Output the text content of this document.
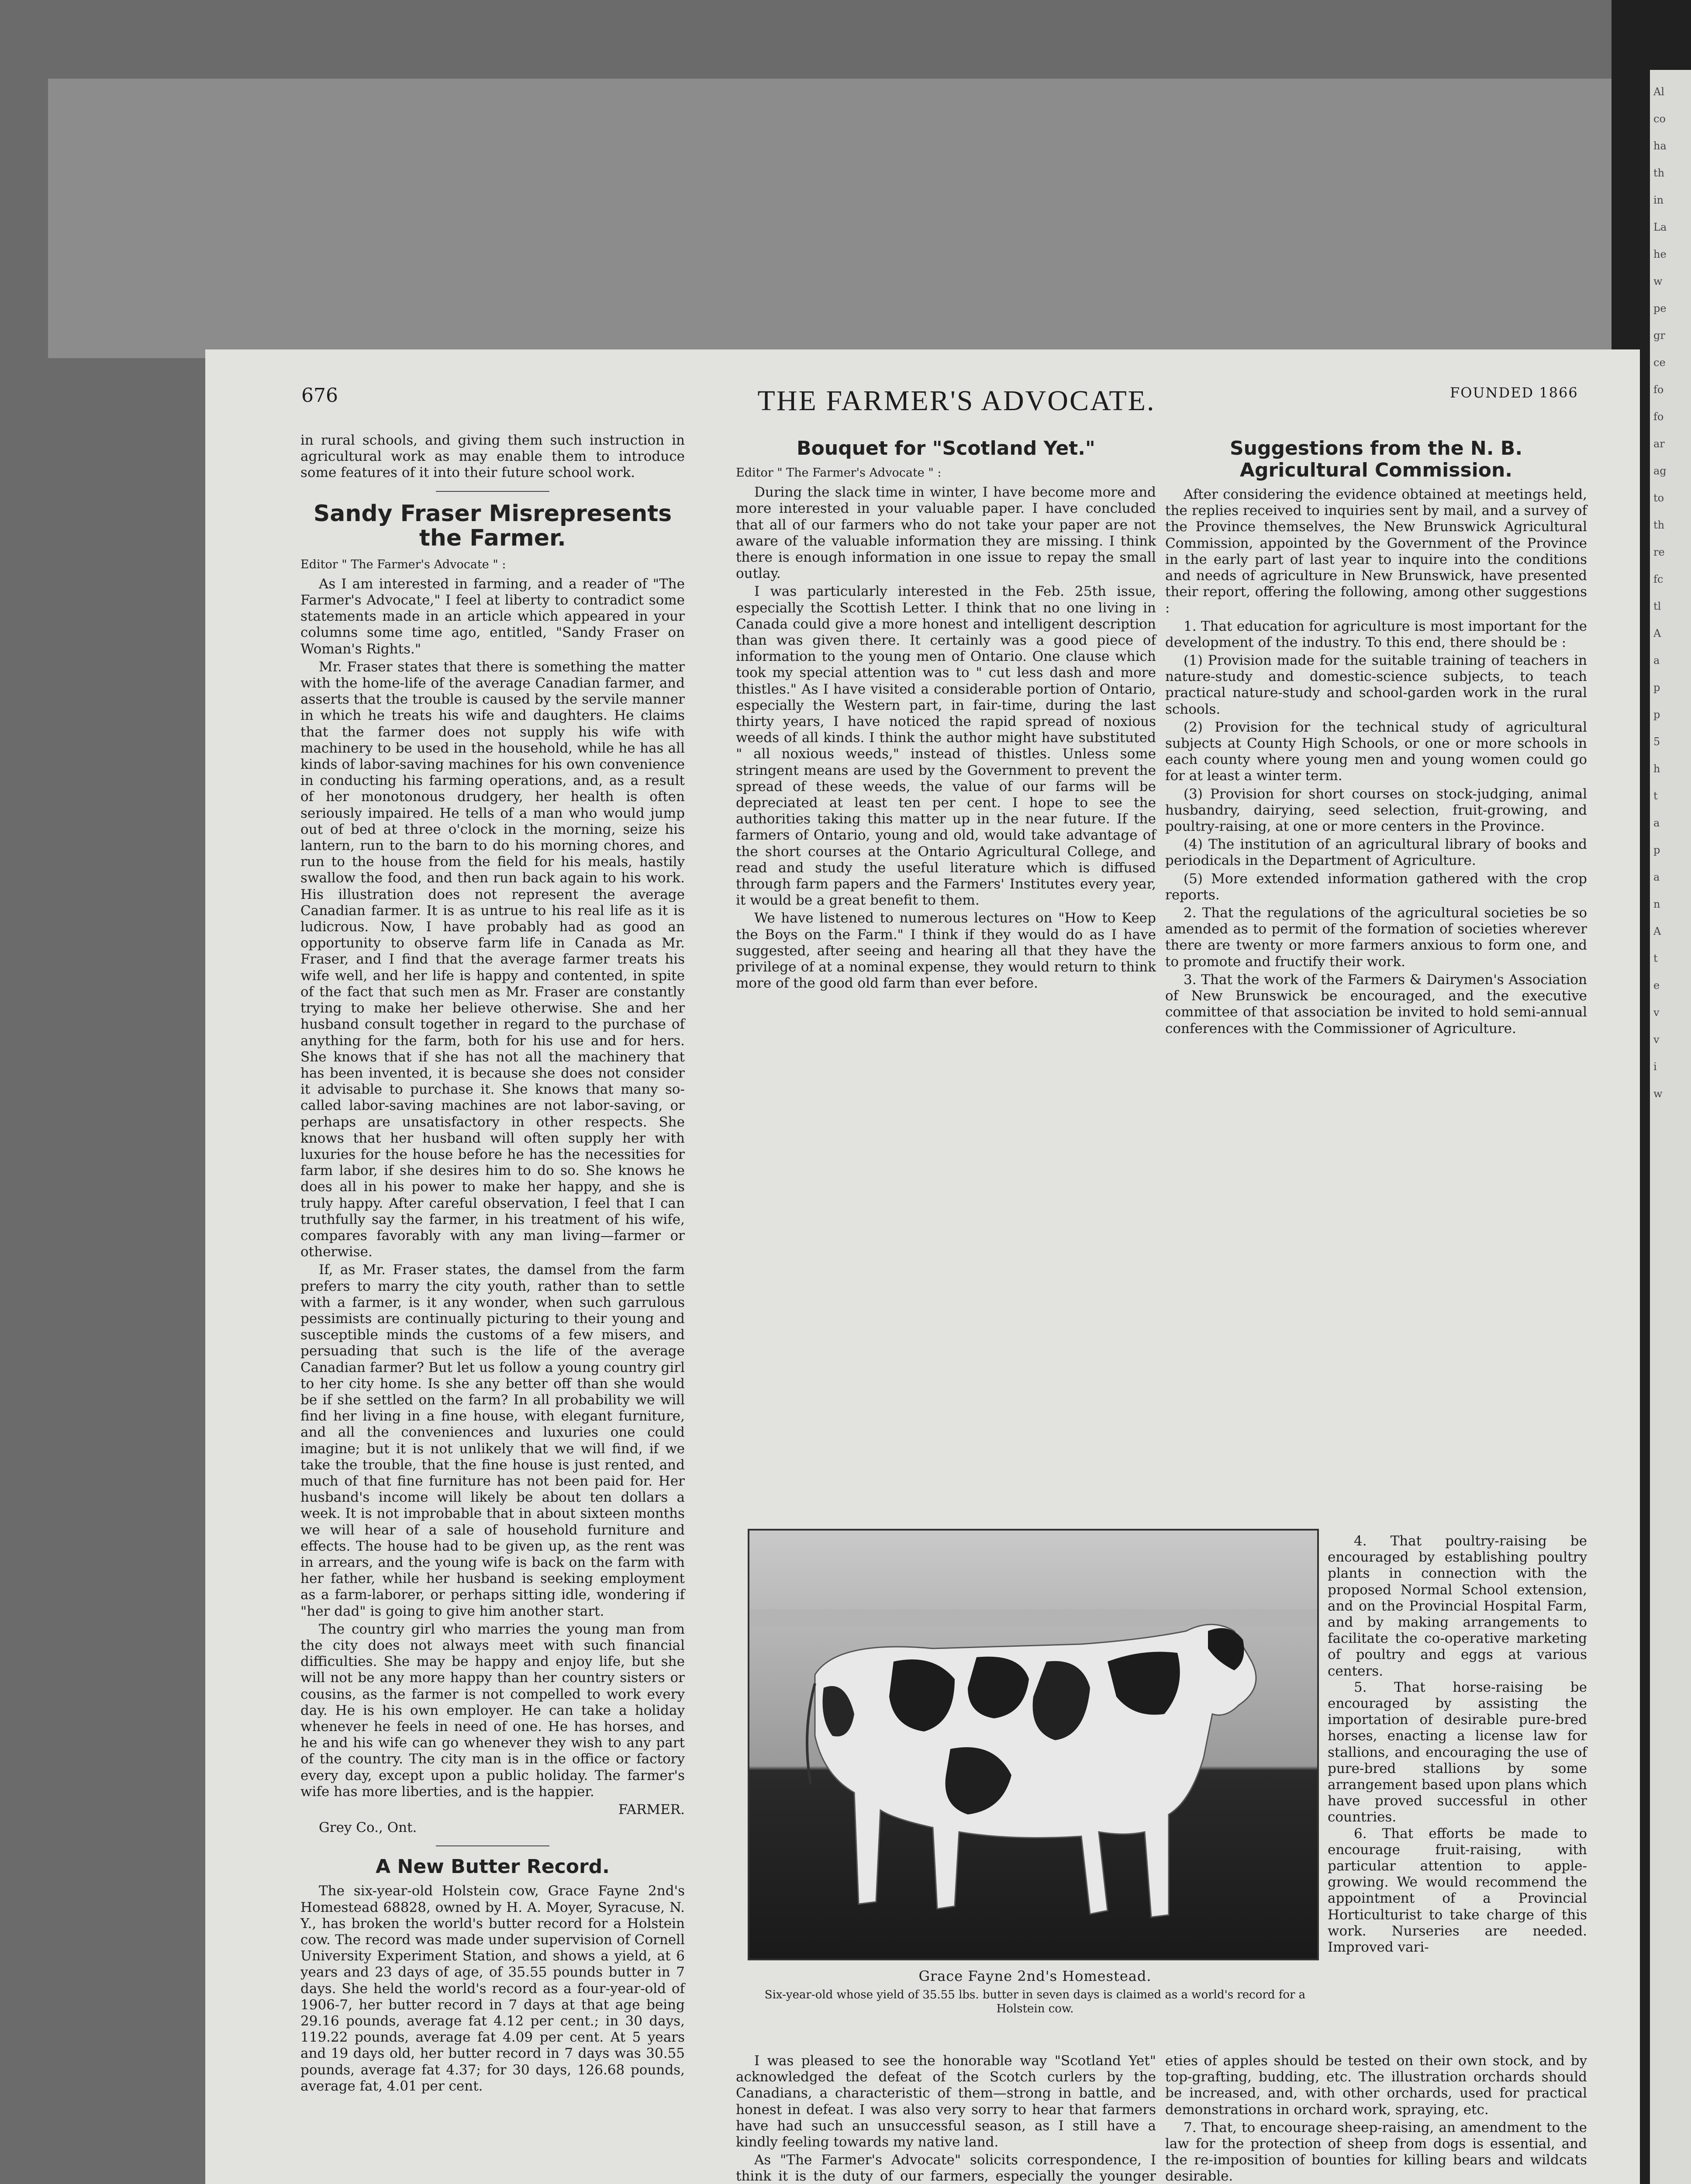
Al
co
ha
th
in
La
he
w
pe
gr
ce
fo
fo
ar
ag
to
th
re
fc
tl
A
a
p
p
5
h
t
a
p
a
n
A
t
e
v
v
i
w
676	THE FARMER'S ADVOCATE.	FOUNDED 1866

in rural schools, and giving them such instruction in agricultural work as may enable them to introduce some features of it into their future school work.

Sandy Fraser Misrepresents the Farmer.

Editor " The Farmer's Advocate " :

As I am interested in farming, and a reader of "The Farmer's Advocate," I feel at liberty to contradict some statements made in an article which appeared in your columns some time ago, entitled, "Sandy Fraser on Woman's Rights."

Mr. Fraser states that there is something the matter with the home-life of the average Canadian farmer, and asserts that the trouble is caused by the servile manner in which he treats his wife and daughters. He claims that the farmer does not supply his wife with machinery to be used in the household, while he has all kinds of labor-saving machines for his own convenience in conducting his farming operations, and, as a result of her monotonous drudgery, her health is often seriously impaired. He tells of a man who would jump out of bed at three o'clock in the morning, seize his lantern, run to the barn to do his morning chores, and run to the house from the field for his meals, hastily swallow the food, and then run back again to his work. His illustration does not represent the average Canadian farmer. It is as untrue to his real life as it is ludicrous. Now, I have probably had as good an opportunity to observe farm life in Canada as Mr. Fraser, and I find that the average farmer treats his wife well, and her life is happy and contented, in spite of the fact that such men as Mr. Fraser are constantly trying to make her believe otherwise. She and her husband consult together in regard to the purchase of anything for the farm, both for his use and for hers. She knows that if she has not all the machinery that has been invented, it is because she does not consider it advisable to purchase it. She knows that many so-called labor-saving machines are not labor-saving, or perhaps are unsatisfactory in other respects. She knows that her husband will often supply her with luxuries for the house before he has the necessities for farm labor, if she desires him to do so. She knows he does all in his power to make her happy, and she is truly happy. After careful observation, I feel that I can truthfully say the farmer, in his treatment of his wife, compares favorably with any man living—farmer or otherwise.

If, as Mr. Fraser states, the damsel from the farm prefers to marry the city youth, rather than to settle with a farmer, is it any wonder, when such garrulous pessimists are continually picturing to their young and susceptible minds the customs of a few misers, and persuading that such is the life of the average Canadian farmer? But let us follow a young country girl to her city home. Is she any better off than she would be if she settled on the farm? In all probability we will find her living in a fine house, with elegant furniture, and all the conveniences and luxuries one could imagine; but it is not unlikely that we will find, if we take the trouble, that the fine house is just rented, and much of that fine furniture has not been paid for. Her husband's income will likely be about ten dollars a week. It is not improbable that in about sixteen months we will hear of a sale of household furniture and effects. The house had to be given up, as the rent was in arrears, and the young wife is back on the farm with her father, while her husband is seeking employment as a farm-laborer, or perhaps sitting idle, wondering if "her dad" is going to give him another start.

The country girl who marries the young man from the city does not always meet with such financial difficulties. She may be happy and enjoy life, but she will not be any more happy than her country sisters or cousins, as the farmer is not compelled to work every day. He is his own employer. He can take a holiday whenever he feels in need of one. He has horses, and he and his wife can go whenever they wish to any part of the country. The city man is in the office or factory every day, except upon a public holiday. The farmer's wife has more liberties, and is the happier.

FARMER.

Grey Co., Ont.

A New Butter Record.

The six-year-old Holstein cow, Grace Fayne 2nd's Homestead 68828, owned by H. A. Moyer, Syracuse, N. Y., has broken the world's butter record for a Holstein cow. The record was made under supervision of Cornell University Experiment Station, and shows a yield, at 6 years and 23 days of age, of 35.55 pounds butter in 7 days. She held the world's record as a four-year-old of 1906-7, her butter record in 7 days at that age being 29.16 pounds, average fat 4.12 per cent.; in 30 days, 119.22 pounds, average fat 4.09 per cent. At 5 years and 19 days old, her butter record in 7 days was 30.55 pounds, average fat 4.37; for 30 days, 126.68 pounds, average fat, 4.01 per cent.

Bouquet for "Scotland Yet."

Editor " The Farmer's Advocate " :

During the slack time in winter, I have become more and more interested in your valuable paper. I have concluded that all of our farmers who do not take your paper are not aware of the valuable information they are missing. I think there is enough information in one issue to repay the small outlay.

I was particularly interested in the Feb. 25th issue, especially the Scottish Letter. I think that no one living in Canada could give a more honest and intelligent description than was given there. It certainly was a good piece of information to the young men of Ontario. One clause which took my special attention was to " cut less dash and more thistles." As I have visited a considerable portion of Ontario, especially the Western part, in fair-time, during the last thirty years, I have noticed the rapid spread of noxious weeds of all kinds. I think the author might have substituted " all noxious weeds," instead of thistles. Unless some stringent means are used by the Government to prevent the spread of these weeds, the value of our farms will be depreciated at least ten per cent. I hope to see the authorities taking this matter up in the near future. If the farmers of Ontario, young and old, would take advantage of the short courses at the Ontario Agricultural College, and read and study the useful literature which is diffused through farm papers and the Farmers' Institutes every year, it would be a great benefit to them.

We have listened to numerous lectures on "How to Keep the Boys on the Farm." I think if they would do as I have suggested, after seeing and hearing all that they have the privilege of at a nominal expense, they would return to think more of the good old farm than ever before.

Suggestions from the N. B. Agricultural Commission.

After considering the evidence obtained at meetings held, the replies received to inquiries sent by mail, and a survey of the Province themselves, the New Brunswick Agricultural Commission, appointed by the Government of the Province in the early part of last year to inquire into the conditions and needs of agriculture in New Brunswick, have presented their report, offering the following, among other suggestions :

1. That education for agriculture is most important for the development of the industry. To this end, there should be :

(1) Provision made for the suitable training of teachers in nature-study and domestic-science subjects, to teach practical nature-study and school-garden work in the rural schools.

(2) Provision for the technical study of agricultural subjects at County High Schools, or one or more schools in each county where young men and young women could go for at least a winter term.

(3) Provision for short courses on stock-judging, animal husbandry, dairying, seed selection, fruit-growing, and poultry-raising, at one or more centers in the Province.

(4) The institution of an agricultural library of books and periodicals in the Department of Agriculture.

(5) More extended information gathered with the crop reports.

2. That the regulations of the agricultural societies be so amended as to permit of the formation of societies wherever there are twenty or more farmers anxious to form one, and to promote and fructify their work.

3. That the work of the Farmers & Dairymen's Association of New Brunswick be encouraged, and the executive committee of that association be invited to hold semi-annual conferences with the Commissioner of Agriculture.

Grace Fayne 2nd's Homestead.
Six-year-old whose yield of 35.55 lbs. butter in seven days is claimed as a world's record for a Holstein cow.

4. That poultry-raising be encouraged by establishing poultry plants in connection with the proposed Normal School extension, and on the Provincial Hospital Farm, and by making arrangements to facilitate the co-operative marketing of poultry and eggs at various centers.

5. That horse-raising be encouraged by assisting the importation of desirable pure-bred horses, enacting a license law for stallions, and encouraging the use of pure-bred stallions by some arrangement based upon plans which have proved successful in other countries.

6. That efforts be made to encourage fruit-raising, with particular attention to apple-growing. We would recommend the appointment of a Provincial Horticulturist to take charge of this work. Nurseries are needed. Improved vari-

I was pleased to see the honorable way "Scotland Yet" acknowledged the defeat of the Scotch curlers by the Canadians, a characteristic of them—strong in battle, and honest in defeat. I was also very sorry to hear that farmers have had such an unsuccessful season, as I still have a kindly feeling towards my native land.

As "The Farmer's Advocate" solicits correspondence, I think it is the duty of our farmers, especially the younger

eties of apples should be tested on their own stock, and by top-grafting, budding, etc. The illustration orchards should be increased, and, with other orchards, used for practical demonstrations in orchard work, spraying, etc.

7. That, to encourage sheep-raising, an amendment to the law for the protection of sheep from dogs is essential, and the re-imposition of bounties for killing bears and wildcats desirable.
